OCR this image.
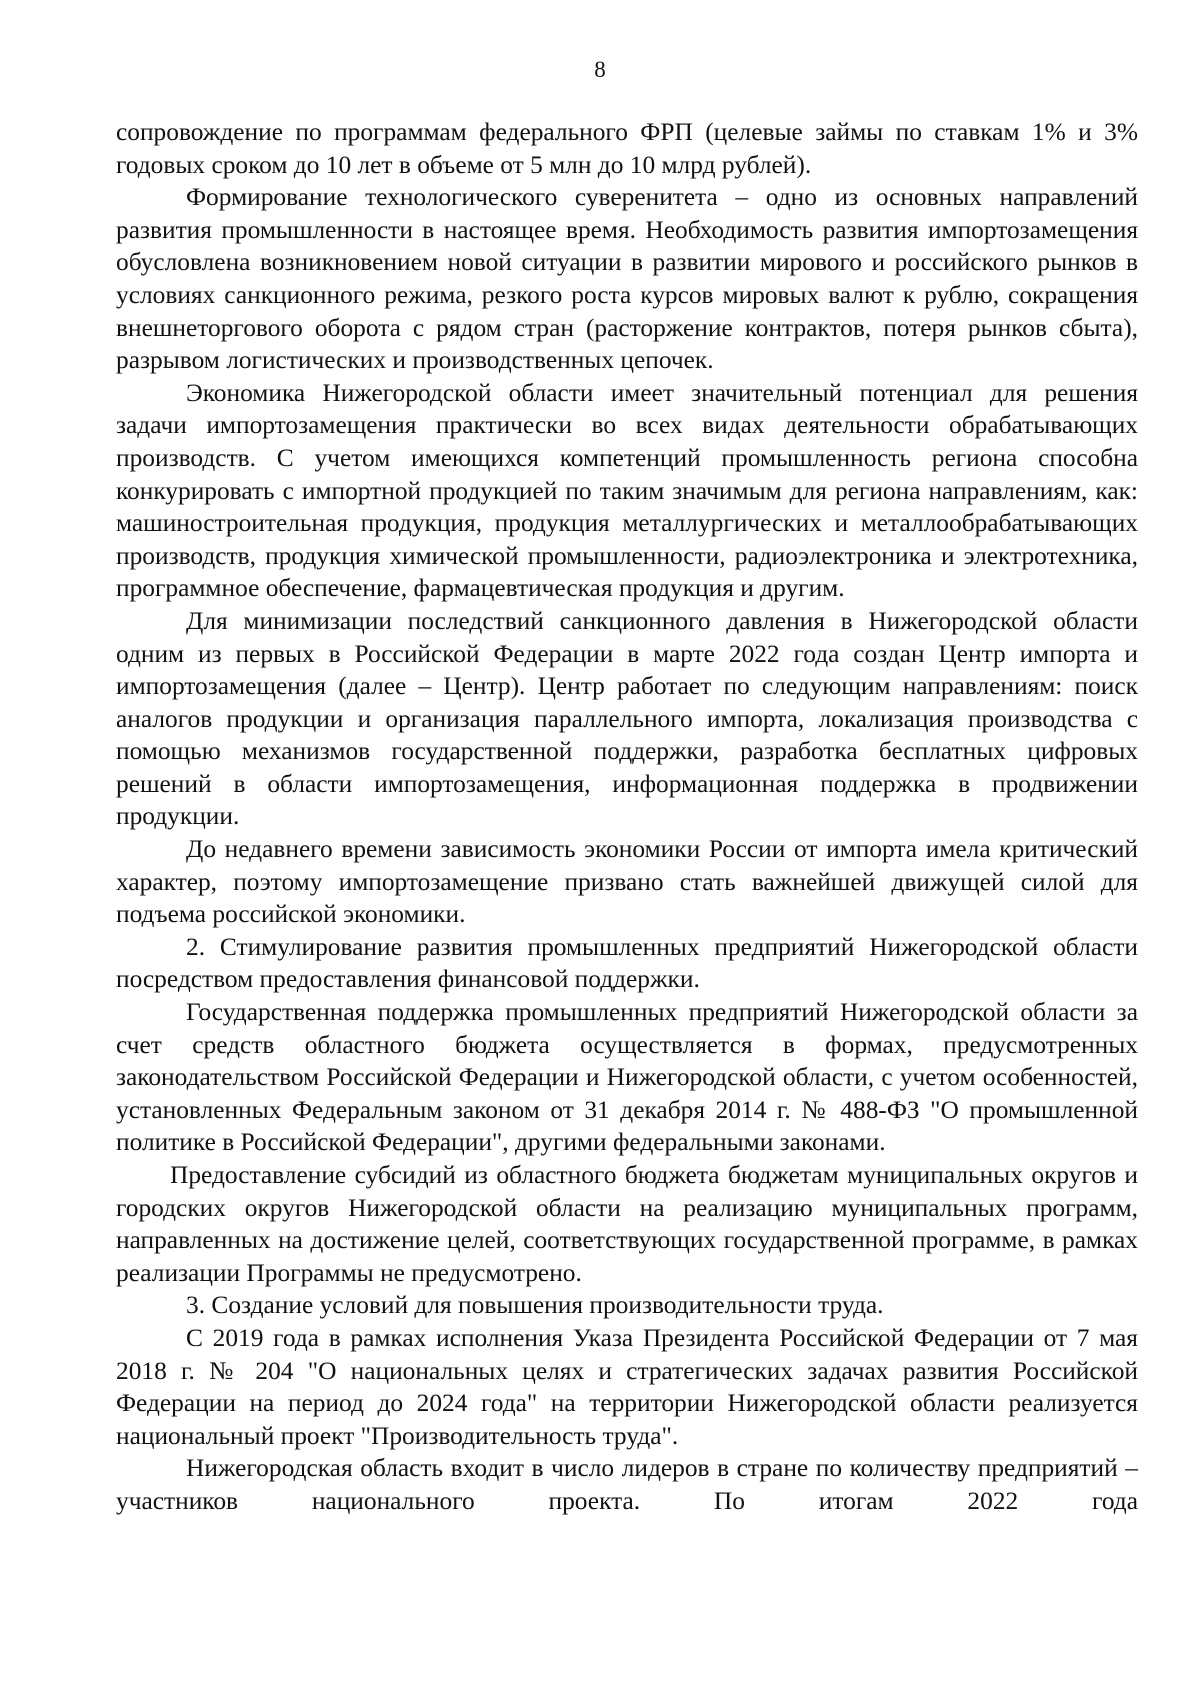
8

сопровождение по программам федерального ФРП (целевые займы по ставкам 1% и 3% годовых сроком до 10 лет в объеме от 5 млн до 10 млрд рублей).

Формирование технологического суверенитета – одно из основных направлений развития промышленности в настоящее время. Необходимость развития импортозамещения обусловлена возникновением новой ситуации в развитии мирового и российского рынков в условиях санкционного режима, резкого роста курсов мировых валют к рублю, сокращения внешнеторгового оборота с рядом стран (расторжение контрактов, потеря рынков сбыта), разрывом логистических и производственных цепочек.

Экономика Нижегородской области имеет значительный потенциал для решения задачи импортозамещения практически во всех видах деятельности обрабатывающих производств. С учетом имеющихся компетенций промышленность региона способна конкурировать с импортной продукцией по таким значимым для региона направлениям, как: машиностроительная продукция, продукция металлургических и металлообрабатывающих производств, продукция химической промышленности, радиоэлектроника и электротехника, программное обеспечение, фармацевтическая продукция и другим.

Для минимизации последствий санкционного давления в Нижегородской области одним из первых в Российской Федерации в марте 2022 года создан Центр импорта и импортозамещения (далее – Центр). Центр работает по следующим направлениям: поиск аналогов продукции и организация параллельного импорта, локализация производства с помощью механизмов государственной поддержки, разработка бесплатных цифровых решений в области импортозамещения, информационная поддержка в продвижении продукции.

До недавнего времени зависимость экономики России от импорта имела критический характер, поэтому импортозамещение призвано стать важнейшей движущей силой для подъема российской экономики.

2. Стимулирование развития промышленных предприятий Нижегородской области посредством предоставления финансовой поддержки.

Государственная поддержка промышленных предприятий Нижегородской области за счет средств областного бюджета осуществляется в формах, предусмотренных законодательством Российской Федерации и Нижегородской области, с учетом особенностей, установленных Федеральным законом от 31 декабря 2014 г. № 488-ФЗ "О промышленной политике в Российской Федерации", другими федеральными законами.

Предоставление субсидий из областного бюджета бюджетам муниципальных округов и городских округов Нижегородской области на реализацию муниципальных программ, направленных на достижение целей, соответствующих государственной программе, в рамках реализации Программы не предусмотрено.

3. Создание условий для повышения производительности труда.

С 2019 года в рамках исполнения Указа Президента Российской Федерации от 7 мая 2018 г. № 204 "О национальных целях и стратегических задачах развития Российской Федерации на период до 2024 года" на территории Нижегородской области реализуется национальный проект "Производительность труда".

Нижегородская область входит в число лидеров в стране по количеству предприятий – участников национального проекта. По итогам 2022 года
